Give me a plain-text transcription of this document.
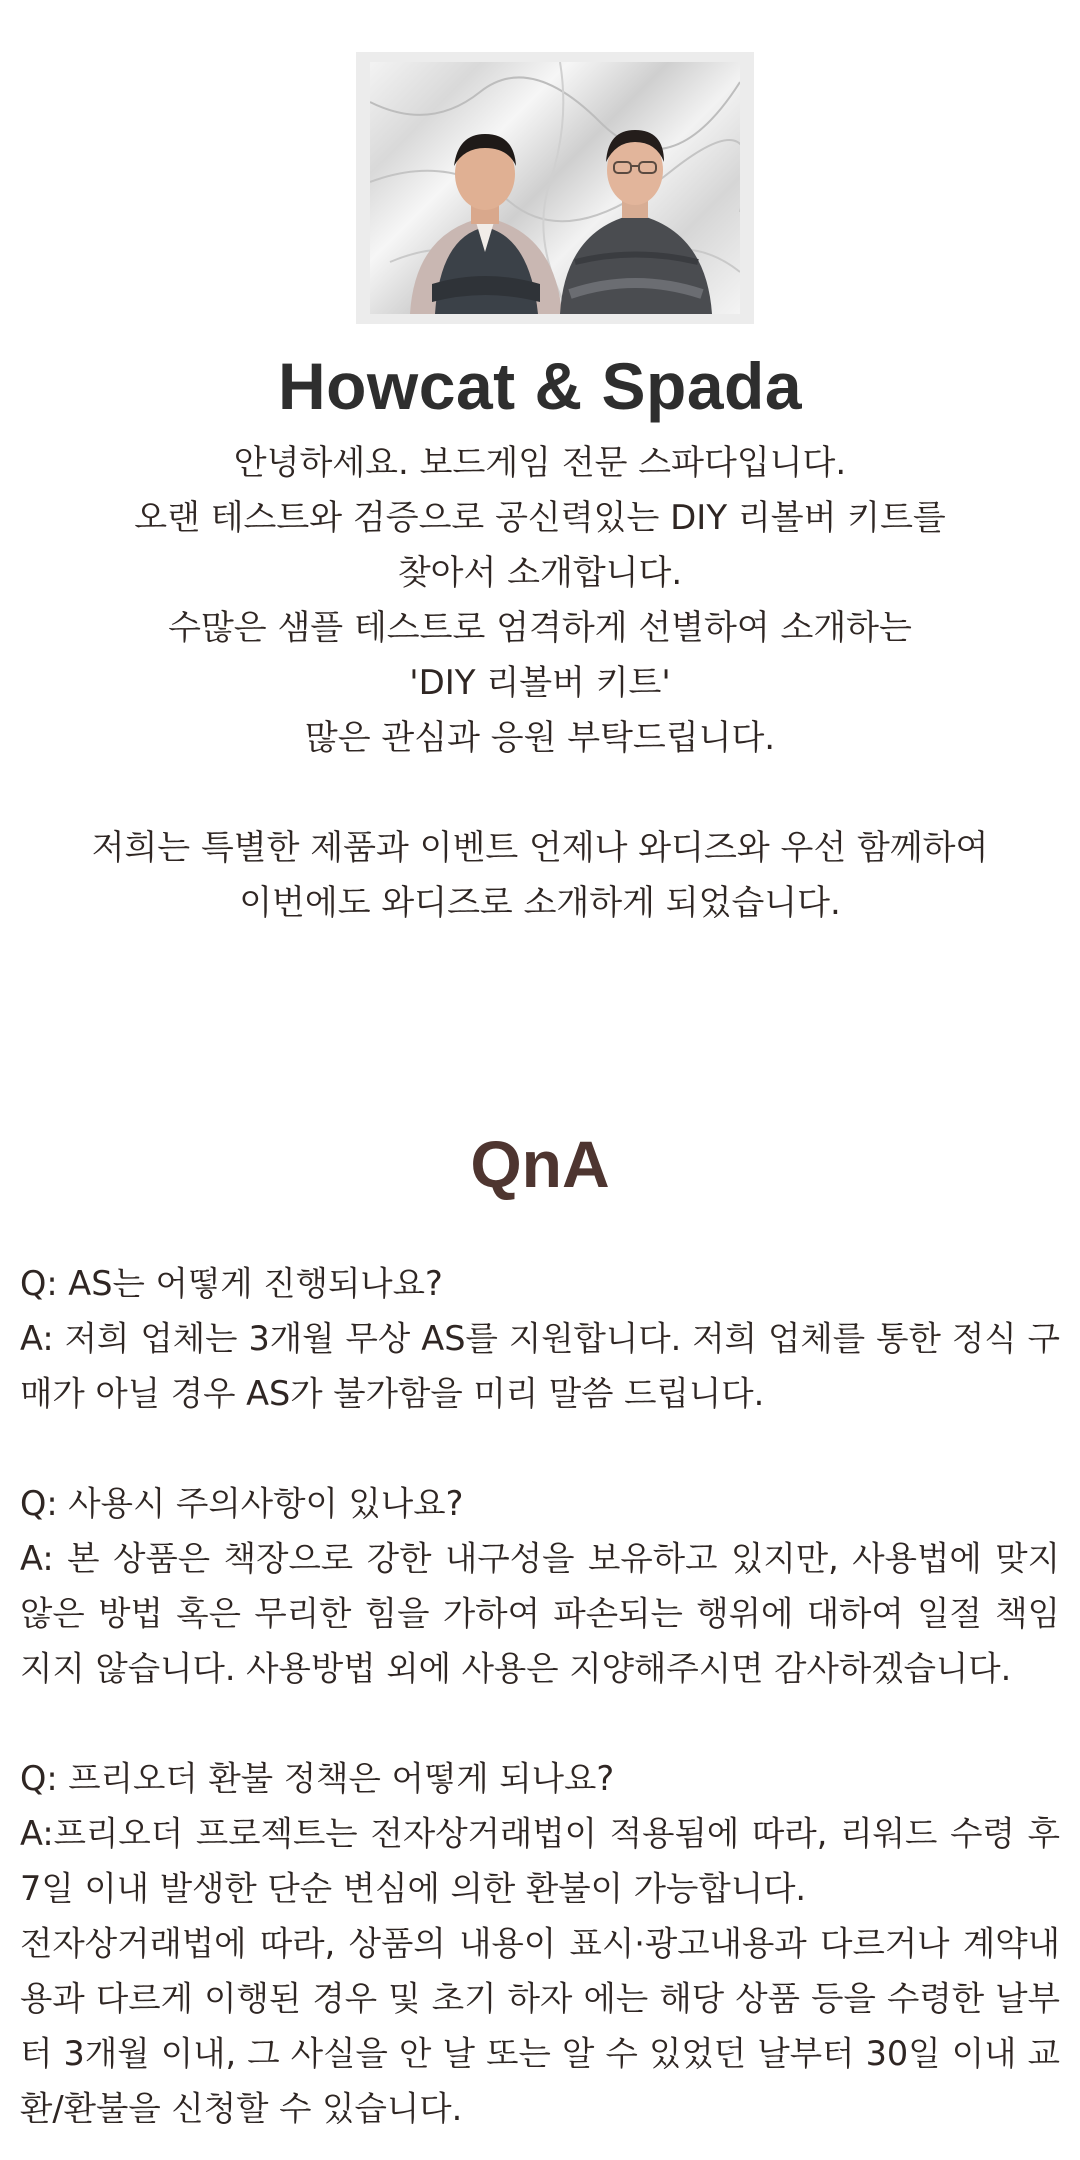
Howcat & Spada

안녕하세요. 보드게임 전문 스파다입니다.

오랜 테스트와 검증으로 공신력있는 DIY 리볼버 키트를

찾아서 소개합니다.

수많은 샘플 테스트로 엄격하게 선별하여 소개하는

'DIY 리볼버 키트'

많은 관심과 응원 부탁드립니다.

저희는 특별한 제품과 이벤트 언제나 와디즈와 우선 함께하여

이번에도 와디즈로 소개하게 되었습니다.

QnA

Q: AS는 어떻게 진행되나요?

A: 저희 업체는 3개월 무상 AS를 지원합니다. 저희 업체를 통한 정식 구매가 아닐 경우 AS가 불가함을 미리 말씀 드립니다.

Q: 사용시 주의사항이 있나요?

A: 본 상품은 책장으로 강한 내구성을 보유하고 있지만, 사용법에 맞지 않은 방법 혹은 무리한 힘을 가하여 파손되는 행위에 대하여 일절 책임지지 않습니다. 사용방법 외에 사용은 지양해주시면 감사하겠습니다.

Q: 프리오더 환불 정책은 어떻게 되나요?

A:프리오더 프로젝트는 전자상거래법이 적용됨에 따라, 리워드 수령 후 7일 이내 발생한 단순 변심에 의한 환불이 가능합니다.

전자상거래법에 따라, 상품의 내용이 표시·광고내용과 다르거나 계약내용과 다르게 이행된 경우 및 초기 하자 에는 해당 상품 등을 수령한 날부터 3개월 이내, 그 사실을 안 날 또는 알 수 있었던 날부터 30일 이내 교환/환불을 신청할 수 있습니다.
